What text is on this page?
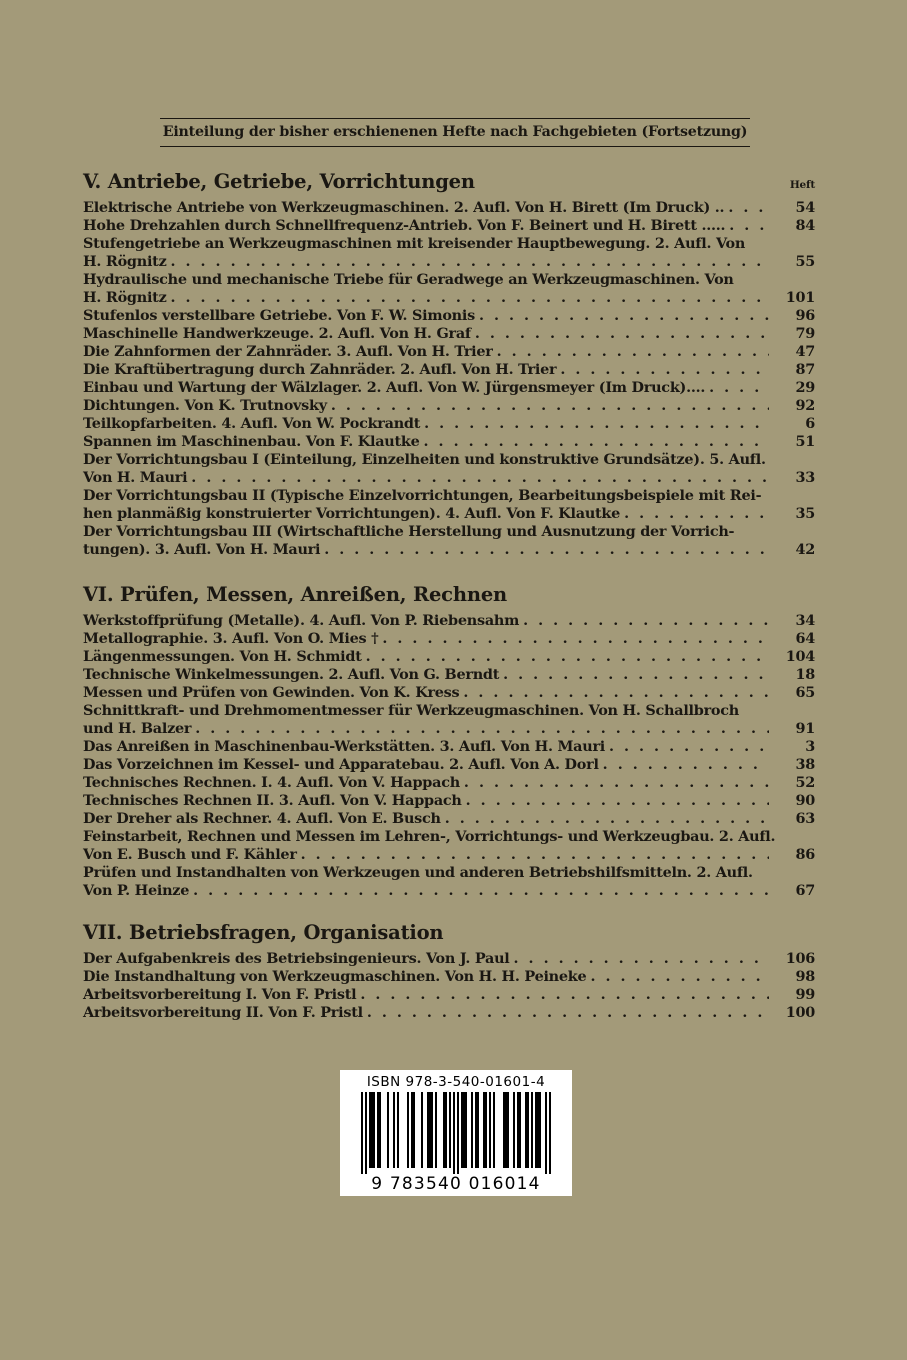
Einteilung der bisher erschienenen Hefte nach Fachgebieten (Fortsetzung)
V. Antriebe, Getriebe, Vorrichtungen	Heft
Elektrische Antriebe von Werkzeugmaschinen. 2. Aufl. Von H. Birett (Im Druck) .. . . .	54
Hohe Drehzahlen durch Schnellfrequenz-Antrieb. Von F. Beinert und H. Birett ..... . . .	84
Stufengetriebe an Werkzeugmaschinen mit kreisender Hauptbewegung. 2. Aufl. Von
H. Rögnitz . . .	55
Hydraulische und mechanische Triebe für Geradwege an Werkzeugmaschinen. Von
H. Rögnitz . . .	101
Stufenlos verstellbare Getriebe. Von F. W. Simonis . . .	96
Maschinelle Handwerkzeuge. 2. Aufl. Von H. Graf . . .	79
Die Zahnformen der Zahnräder. 3. Aufl. Von H. Trier . . .	47
Die Kraftübertragung durch Zahnräder. 2. Aufl. Von H. Trier . . .	87
Einbau und Wartung der Wälzlager. 2. Aufl. Von W. Jürgensmeyer (Im Druck).... . . .	29
Dichtungen. Von K. Trutnovsky . . .	92
Teilkopfarbeiten. 4. Aufl. Von W. Pockrandt . . .	6
Spannen im Maschinenbau. Von F. Klautke . . .	51
Der Vorrichtungsbau I (Einteilung, Einzelheiten und konstruktive Grundsätze). 5. Aufl.
Von H. Mauri . . .	33
Der Vorrichtungsbau II (Typische Einzelvorrichtungen, Bearbeitungsbeispiele mit Rei-
hen planmäßig konstruierter Vorrichtungen). 4. Aufl. Von F. Klautke . . .	35
Der Vorrichtungsbau III (Wirtschaftliche Herstellung und Ausnutzung der Vorrich-
tungen). 3. Aufl. Von H. Mauri . . .	42
VI. Prüfen, Messen, Anreißen, Rechnen
Werkstoffprüfung (Metalle). 4. Aufl. Von P. Riebensahm . . .	34
Metallographie. 3. Aufl. Von O. Mies † . . .	64
Längenmessungen. Von H. Schmidt . . .	104
Technische Winkelmessungen. 2. Aufl. Von G. Berndt . . .	18
Messen und Prüfen von Gewinden. Von K. Kress . . .	65
Schnittkraft- und Drehmomentmesser für Werkzeugmaschinen. Von H. Schallbroch
und H. Balzer . . .	91
Das Anreißen in Maschinenbau-Werkstätten. 3. Aufl. Von H. Mauri . . .	3
Das Vorzeichnen im Kessel- und Apparatebau. 2. Aufl. Von A. Dorl . . .	38
Technisches Rechnen. I. 4. Aufl. Von V. Happach . . .	52
Technisches Rechnen II. 3. Aufl. Von V. Happach . . .	90
Der Dreher als Rechner. 4. Aufl. Von E. Busch . . .	63
Feinstarbeit, Rechnen und Messen im Lehren-, Vorrichtungs- und Werkzeugbau. 2. Aufl.
Von E. Busch und F. Kähler . . .	86
Prüfen und Instandhalten von Werkzeugen und anderen Betriebshilfsmitteln. 2. Aufl.
Von P. Heinze . . .	67
VII. Betriebsfragen, Organisation
Der Aufgabenkreis des Betriebsingenieurs. Von J. Paul . . .	106
Die Instandhaltung von Werkzeugmaschinen. Von H. H. Peineke . . .	98
Arbeitsvorbereitung I. Von F. Pristl . . .	99
Arbeitsvorbereitung II. Von F. Pristl . . .	100
ISBN 978-3-540-01601-4
9 783540 016014
